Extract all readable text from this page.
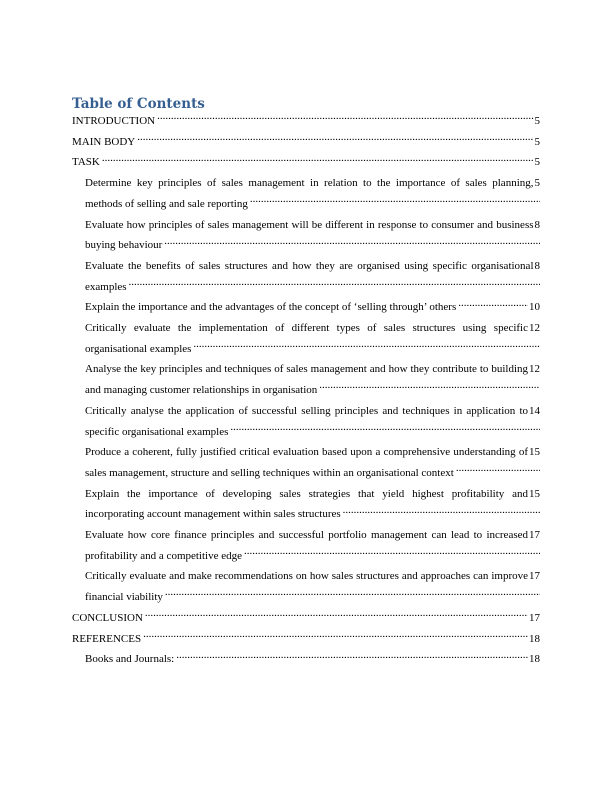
Table of Contents
5
INTRODUCTION .....
5
MAIN BODY .....
5
TASK .....
5
Determine key principles of sales management in relation to the importance of sales planning, methods of selling and sale reporting .....
8
Evaluate how principles of sales management will be different in response to consumer and business buying behaviour .....
8
Evaluate the benefits of sales structures and how they are organised using specific organisational examples .....
10
Explain the importance and the advantages of the concept of ‘selling through’ others .....
12
Critically evaluate the implementation of different types of sales structures using specific organisational examples .....
12
Analyse the key principles and techniques of sales management and how they contribute to building and managing customer relationships in organisation .....
14
Critically analyse the application of successful selling principles and techniques in application to specific organisational examples .....
15
Produce a coherent, fully justified critical evaluation based upon a comprehensive understanding of sales management, structure and selling techniques within an organisational context .....
15
Explain the importance of developing sales strategies that yield highest profitability and incorporating account management within sales structures .....
17
Evaluate how core finance principles and successful portfolio management can lead to increased profitability and a competitive edge .....
17
Critically evaluate and make recommendations on how sales structures and approaches can improve financial viability .....
17
CONCLUSION .....
18
REFERENCES .....
18
Books and Journals: .....
